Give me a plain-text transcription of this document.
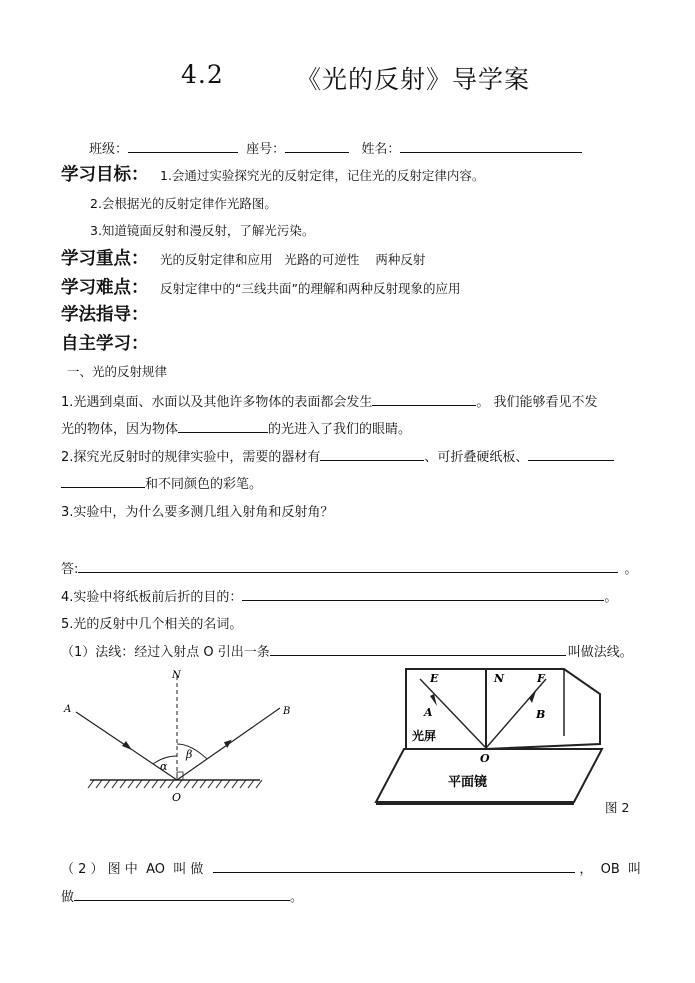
4.2	《光的反射》导学案
班级：	座号：	姓名：
学习目标： 1.会通过实验探究光的反射定律，记住光的反射定律内容。
2.会根据光的反射定律作光路图。
3.知道镜面反射和漫反射，了解光污染。
学习重点： 光的反射定律和应用   光路的可逆性    两种反射
学习难点： 反射定律中的“三线共面”的理解和两种反射现象的应用
学法指导：
自主学习：
一、光的反射规律
1.光遇到桌面、水面以及其他许多物体的表面都会发生	。 我们能够看见不发
光的物体，因为物体	的光进入了我们的眼睛。
2.探究光反射时的规律实验中，需要的器材有	、可折叠硬纸板、
和不同颜色的彩笔。
3.实验中，为什么要多测几组入射角和反射角？
答:	。
4.实验中将纸板前后折的目的：	。
5.光的反射中几个相关的名词。
（1）法线：经过入射点 O 引出一条	叫做法线。
N
A	B
O
α
β
E	N	F
A	B
O
光屏
平面镜
图 2
（ 2 ） 图 中  AO  叫 做	，  OB  叫
做	。
